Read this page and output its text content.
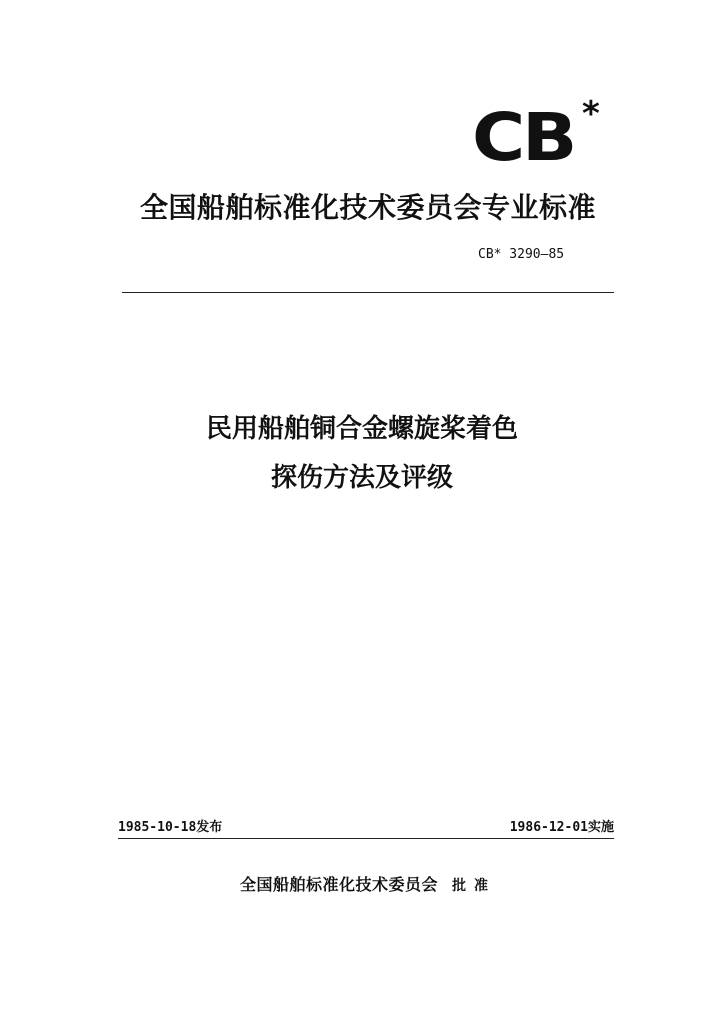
CB *
全国船舶标准化技术委员会专业标准
CB* 3290—85
民用船舶铜合金螺旋桨着色
探伤方法及评级
1985-10-18发布	1986-12-01实施
全国船舶标准化技术委员会 批准
